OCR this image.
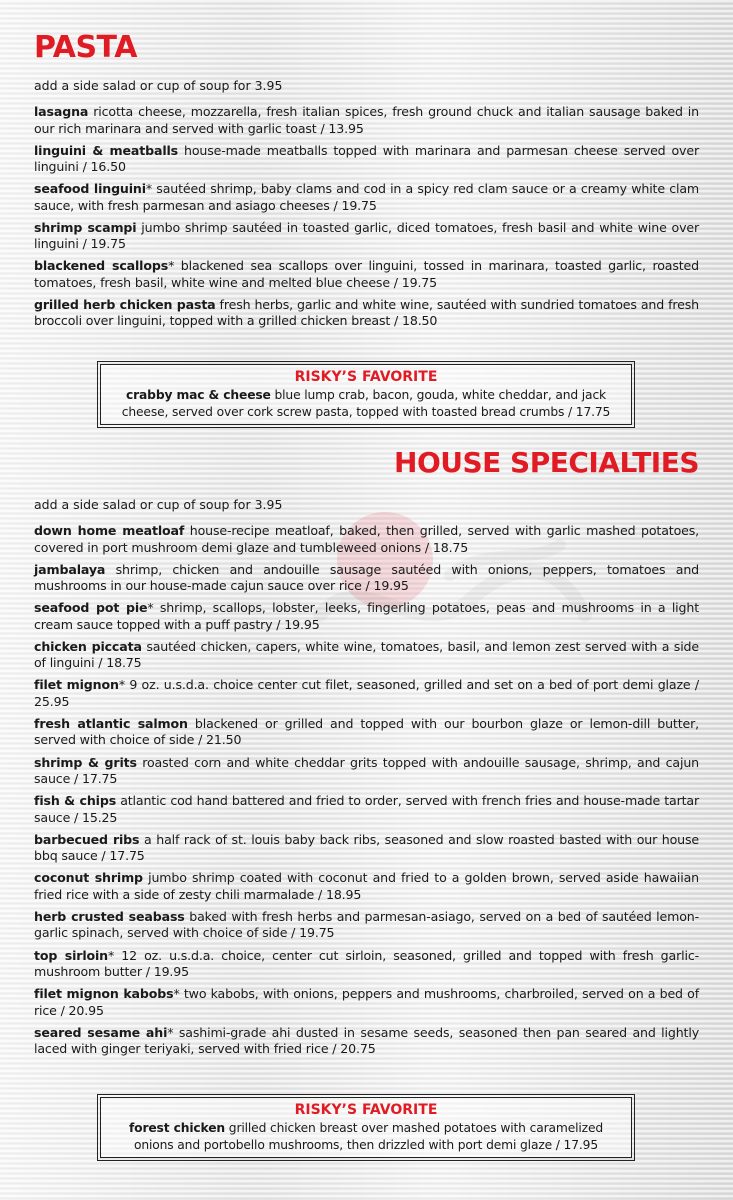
PASTA

add a side salad or cup of soup for 3.95

lasagna ricotta cheese, mozzarella, fresh italian spices, fresh ground chuck and italian sausage baked in our rich marinara and served with garlic toast / 13.95
linguini & meatballs house-made meatballs topped with marinara and parmesan cheese served over linguini / 16.50
seafood linguini* sautéed shrimp, baby clams and cod in a spicy red clam sauce or a creamy white clam sauce, with fresh parmesan and asiago cheeses / 19.75
shrimp scampi jumbo shrimp sautéed in toasted garlic, diced tomatoes, fresh basil and white wine over linguini / 19.75
blackened scallops* blackened sea scallops over linguini, tossed in marinara, toasted garlic, roasted tomatoes, fresh basil, white wine and melted blue cheese / 19.75
grilled herb chicken pasta fresh herbs, garlic and white wine, sautéed with sundried tomatoes and fresh broccoli over linguini, topped with a grilled chicken breast / 18.50
RISKY’S FAVORITE
crabby mac & cheese blue lump crab, bacon, gouda, white cheddar, and jack cheese, served over cork screw pasta, topped with toasted bread crumbs / 17.75
HOUSE SPECIALTIES

add a side salad or cup of soup for 3.95

down home meatloaf house-recipe meatloaf, baked, then grilled, served with garlic mashed potatoes, covered in port mushroom demi glaze and tumbleweed onions / 18.75
jambalaya shrimp, chicken and andouille sausage sautéed with onions, peppers, tomatoes and mushrooms in our house-made cajun sauce over rice / 19.95
seafood pot pie* shrimp, scallops, lobster, leeks, fingerling potatoes, peas and mushrooms in a light cream sauce topped with a puff pastry / 19.95
chicken piccata sautéed chicken, capers, white wine, tomatoes, basil, and lemon zest served with a side of linguini / 18.75
filet mignon* 9 oz. u.s.d.a. choice center cut filet, seasoned, grilled and set on a bed of port demi glaze / 25.95
fresh atlantic salmon blackened or grilled and topped with our bourbon glaze or lemon-dill butter, served with choice of side / 21.50
shrimp & grits roasted corn and white cheddar grits topped with andouille sausage, shrimp, and cajun sauce / 17.75
fish & chips atlantic cod hand battered and fried to order, served with french fries and house-made tartar sauce / 15.25
barbecued ribs a half rack of st. louis baby back ribs, seasoned and slow roasted basted with our house bbq sauce / 17.75
coconut shrimp jumbo shrimp coated with coconut and fried to a golden brown, served aside hawaiian fried rice with a side of zesty chili marmalade / 18.95
herb crusted seabass baked with fresh herbs and parmesan-asiago, served on a bed of sautéed lemon-garlic spinach, served with choice of side / 19.75
top sirloin* 12 oz. u.s.d.a. choice, center cut sirloin, seasoned, grilled and topped with fresh garlic-mushroom butter / 19.95
filet mignon kabobs* two kabobs, with onions, peppers and mushrooms, charbroiled, served on a bed of rice / 20.95
seared sesame ahi* sashimi-grade ahi dusted in sesame seeds, seasoned then pan seared and lightly laced with ginger teriyaki, served with fried rice / 20.75
RISKY’S FAVORITE
forest chicken grilled chicken breast over mashed potatoes with caramelized onions and portobello mushrooms, then drizzled with port demi glaze / 17.95
